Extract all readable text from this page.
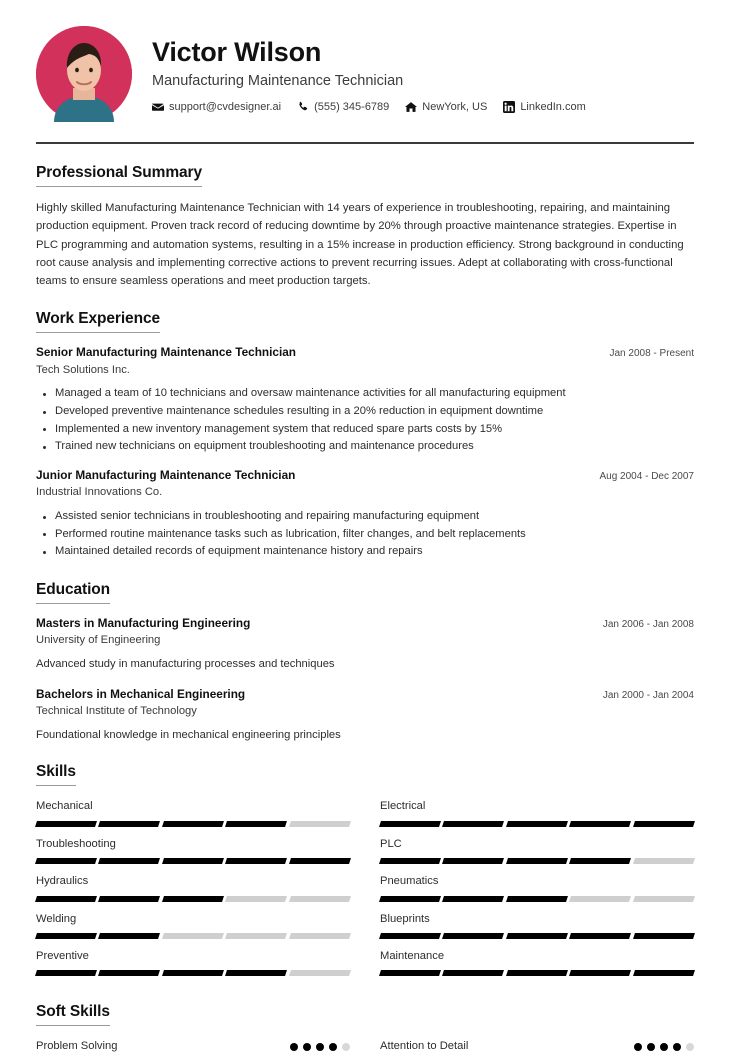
Victor Wilson
Manufacturing Maintenance Technician
support@cvdesigner.ai	(555) 345-6789	NewYork, US	LinkedIn.com
Professional Summary
Highly skilled Manufacturing Maintenance Technician with 14 years of experience in troubleshooting, repairing, and maintaining production equipment. Proven track record of reducing downtime by 20% through proactive maintenance strategies. Expertise in PLC programming and automation systems, resulting in a 15% increase in production efficiency. Strong background in conducting root cause analysis and implementing corrective actions to prevent recurring issues. Adept at collaborating with cross-functional teams to ensure seamless operations and meet production targets.
Work Experience
Senior Manufacturing Maintenance Technician	Jan 2008 - Present
Tech Solutions Inc.
Managed a team of 10 technicians and oversaw maintenance activities for all manufacturing equipment
Developed preventive maintenance schedules resulting in a 20% reduction in equipment downtime
Implemented a new inventory management system that reduced spare parts costs by 15%
Trained new technicians on equipment troubleshooting and maintenance procedures
Junior Manufacturing Maintenance Technician	Aug 2004 - Dec 2007
Industrial Innovations Co.
Assisted senior technicians in troubleshooting and repairing manufacturing equipment
Performed routine maintenance tasks such as lubrication, filter changes, and belt replacements
Maintained detailed records of equipment maintenance history and repairs
Education
Masters in Manufacturing Engineering	Jan 2006 - Jan 2008
University of Engineering
Advanced study in manufacturing processes and techniques
Bachelors in Mechanical Engineering	Jan 2000 - Jan 2004
Technical Institute of Technology
Foundational knowledge in mechanical engineering principles
Skills
Mechanical	Electrical
Troubleshooting	PLC
Hydraulics	Pneumatics
Welding	Blueprints
Preventive	Maintenance
Soft Skills
Problem Solving	Attention to Detail
